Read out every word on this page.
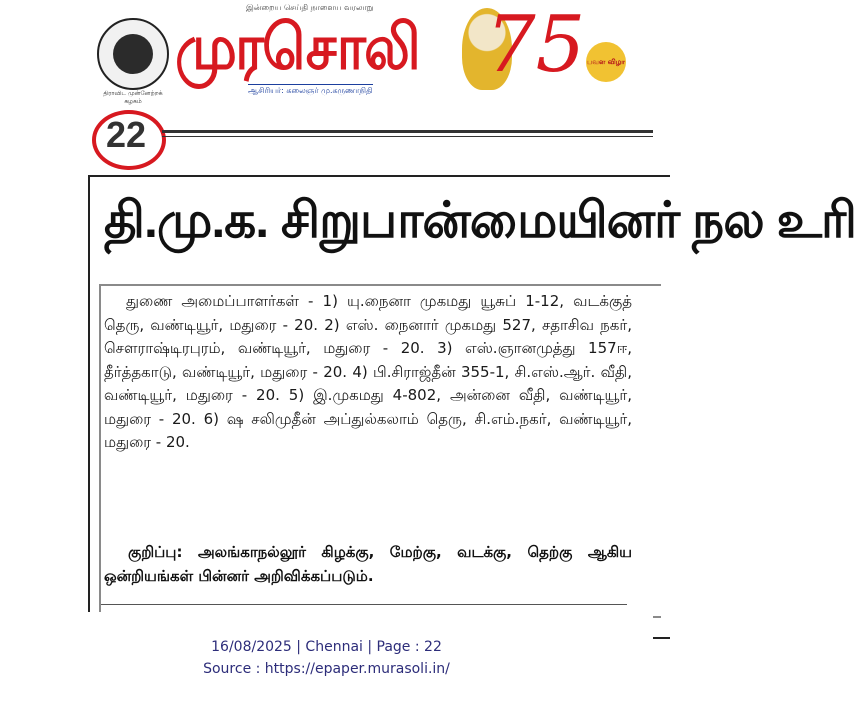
இன்றைய செய்தி நாளைய வரலாறு
திராவிட முன்னேற்றக் கழகம்
முரசொலி
ஆசிரியர்: கலைஞர் மு.கருணாநிதி
75 பவள விழா
22
தி.மு.க. சிறுபான்மையினர் நல உரி
துணை அமைப்பாளர்கள் - 1) யு.நைனா முகமது யூசுப் 1-12, வடக்குத் தெரு, வண்டியூர், மதுரை - 20. 2) எஸ். நைனார் முகமது 527, சதாசிவ நகர், சௌராஷ்டிரபுரம், வண்டியூர், மதுரை - 20. 3) எஸ்.ஞானமுத்து 157ஈ, தீர்த்தகாடு, வண்டியூர், மதுரை - 20. 4) பி.சிராஜ்தீன் 355-1, சி.எஸ்.ஆர். வீதி, வண்டியூர், மதுரை - 20. 5) இ.முகமது 4-802, அன்னை வீதி, வண்டியூர், மதுரை - 20. 6) ஷ சலிமுதீன் அப்துல்கலாம் தெரு, சி.எம்.நகர், வண்டியூர், மதுரை - 20.
குறிப்பு: அலங்காநல்லூர் கிழக்கு, மேற்கு, வடக்கு, தெற்கு ஆகிய ஒன்றியங்கள் பின்னர் அறிவிக்கப்படும்.
16/08/2025 | Chennai | Page : 22
Source : https://epaper.murasoli.in/
